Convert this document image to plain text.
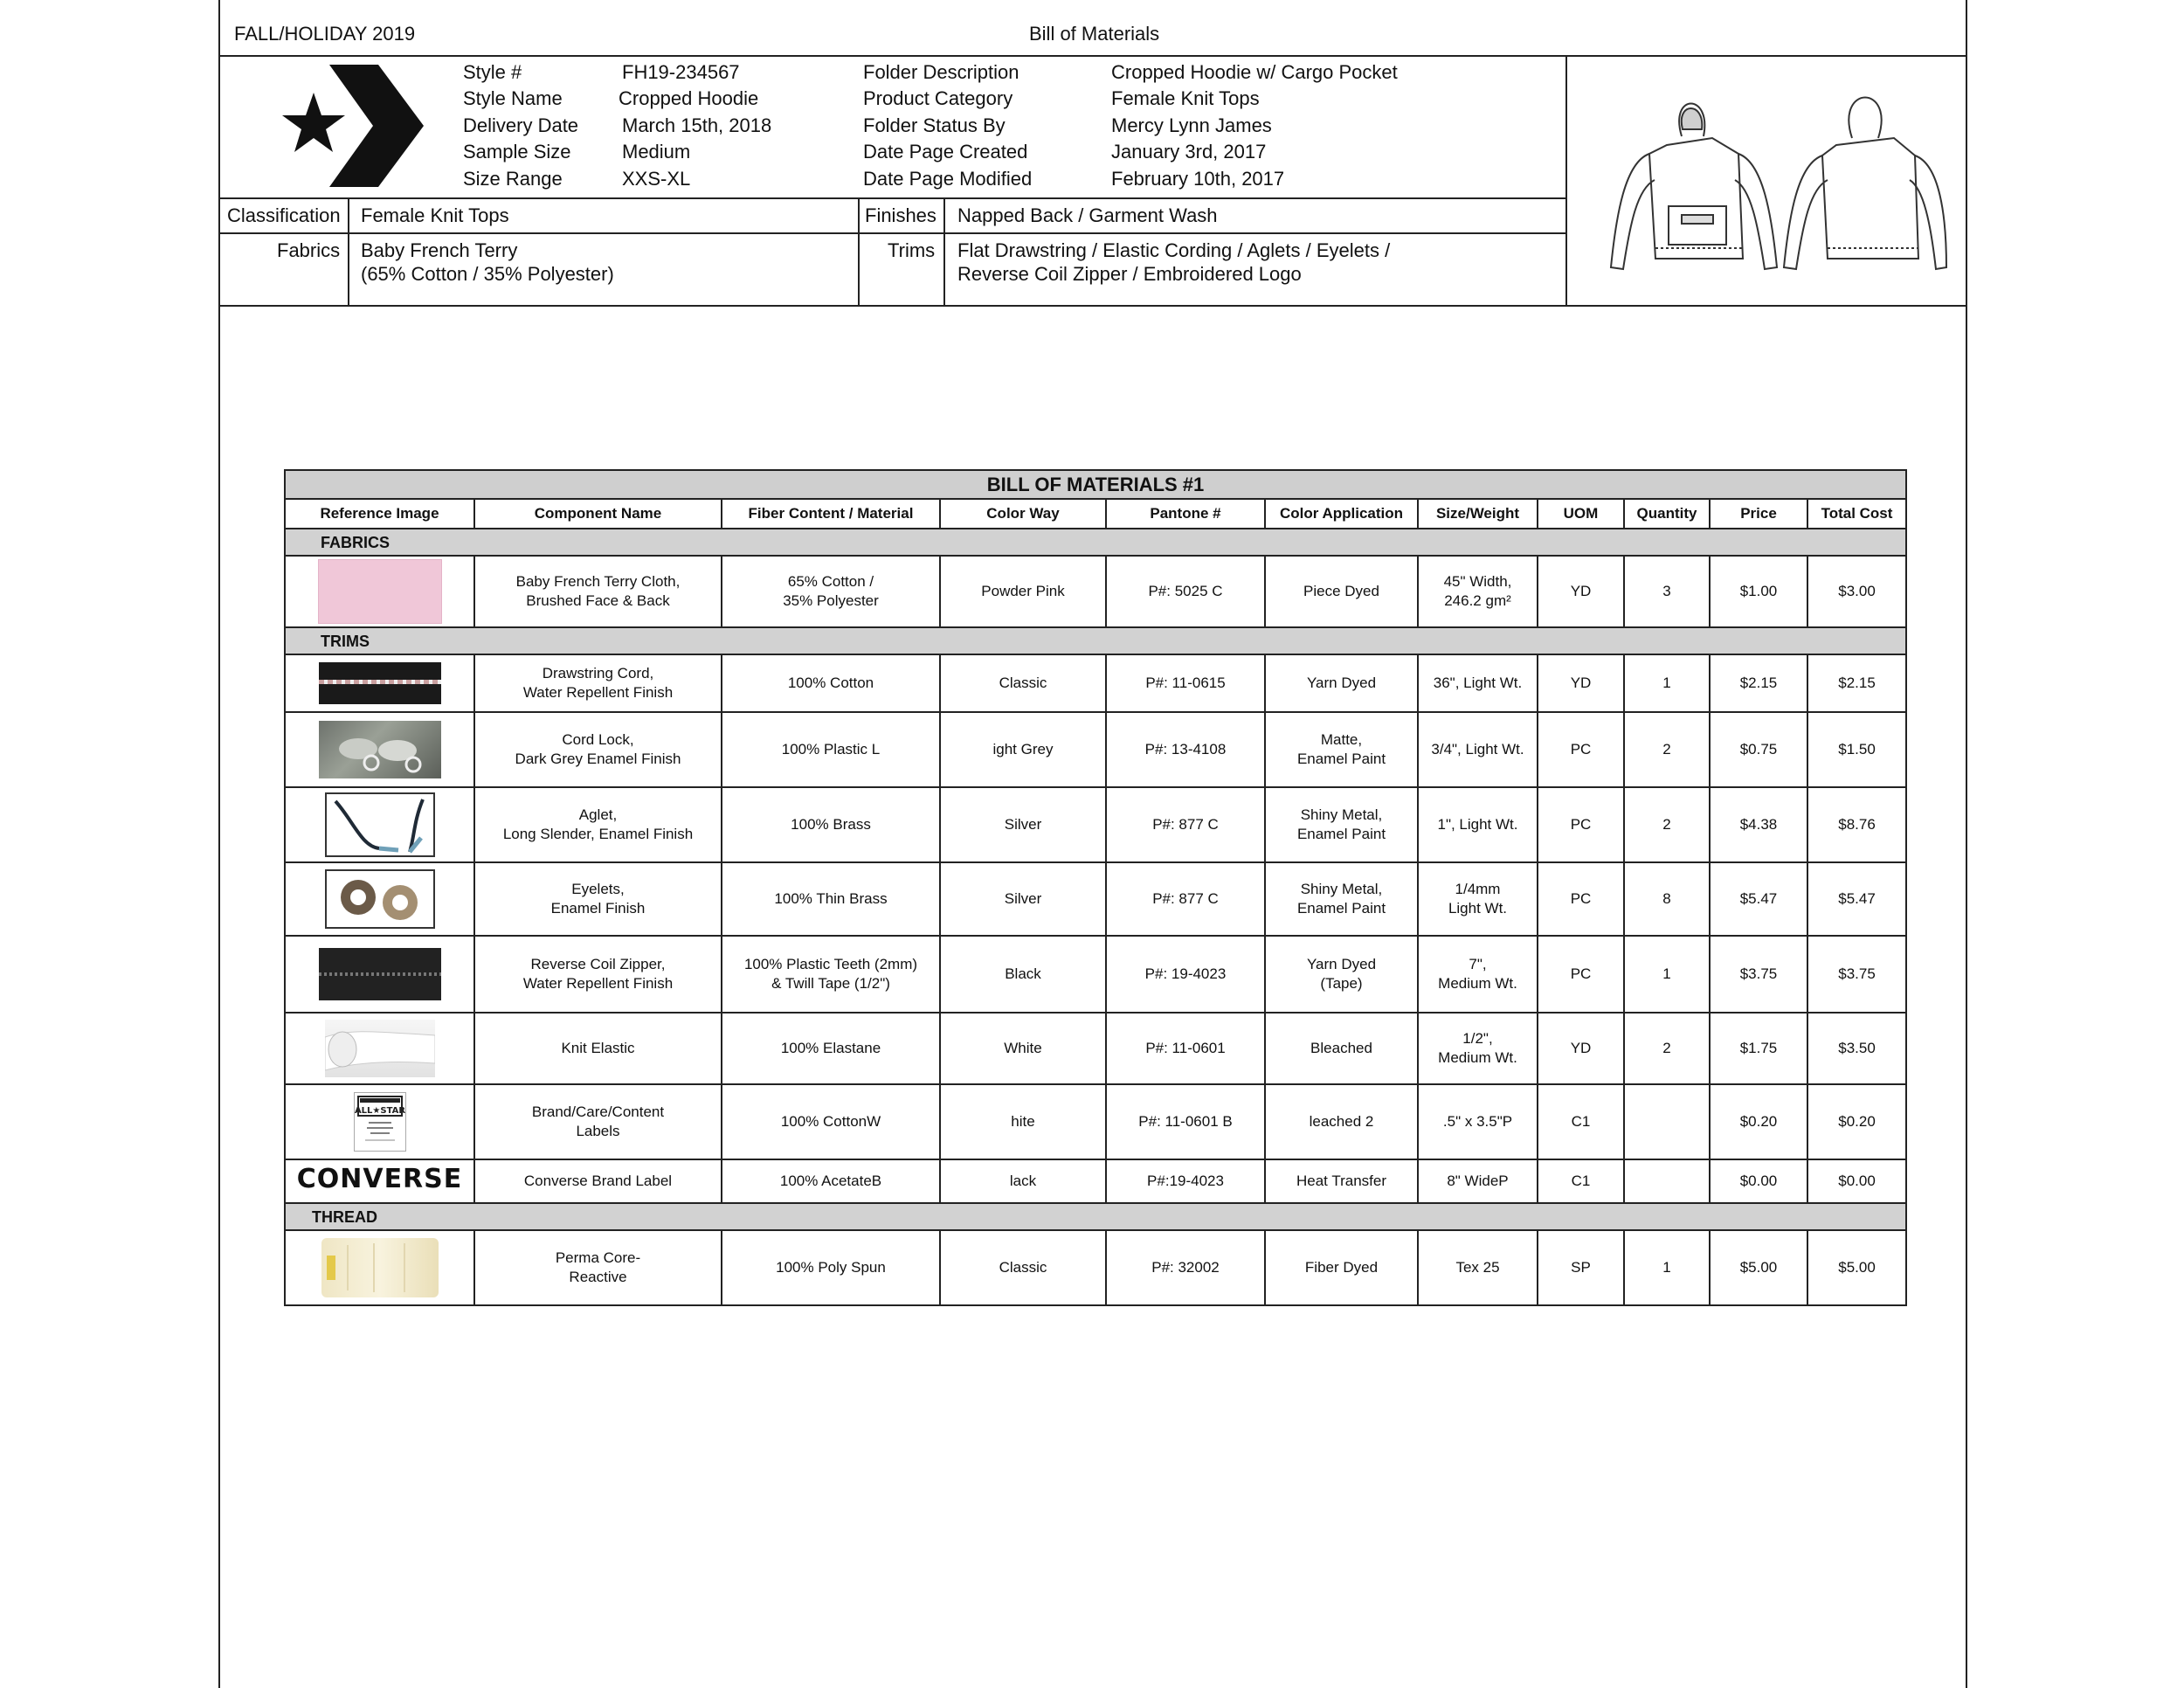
FALL/HOLIDAY 2019	Bill of Materials
Style #	FH19-234567
Style Name	Cropped Hoodie
Delivery Date March 15th, 2018
Sample Size	Medium
Size Range	XXS-XL
Folder Description	Cropped Hoodie w/ Cargo Pocket
Product Category	Female Knit Tops
Folder Status By	Mercy Lynn James
Date Page Created	January 3rd, 2017
Date Page Modified	February 10th, 2017
Classification Female Knit Tops	Finishes Napped Back / Garment Wash
Fabrics Baby French Terry
(65% Cotton / 35% Polyester)
Trims Flat Drawstring / Elastic Cording / Aglets / Eyelets /
Reverse Coil Zipper / Embroidered Logo
BILL OF MATERIALS #1										
Reference Image	Component Name	Fiber Content / Material	Color Way	Pantone #	Color Application	Size/Weight	UOM	Quantity	Price	Total Cost
FABRICS										
	Baby French Terry Cloth,
Brushed Face & Back	65% Cotton /
35% Polyester	Powder Pink	P#: 5025 C	Piece Dyed	45" Width,
246.2 gm²	YD	3	$1.00	$3.00
TRIMS										
	Drawstring Cord,
Water Repellent Finish	100% Cotton	Classic	P#: 11-0615	Yarn Dyed	36", Light Wt.	YD	1	$2.15	$2.15
	Cord Lock,
Dark Grey Enamel Finish	100% Plastic L	ight Grey	P#: 13-4108	Matte,
Enamel Paint	3/4", Light Wt.	PC	2	$0.75	$1.50
	Aglet,
Long Slender, Enamel Finish	100% Brass	Silver	P#: 877 C	Shiny Metal,
Enamel Paint	1", Light Wt.	PC	2	$4.38	$8.76
	Eyelets,
Enamel Finish	100% Thin Brass	Silver	P#: 877 C	Shiny Metal,
Enamel Paint	1/4mm
Light Wt.	PC	8	$5.47	$5.47
	Reverse Coil Zipper,
Water Repellent Finish	100% Plastic Teeth (2mm)
& Twill Tape (1/2")	Black	P#: 19-4023	Yarn Dyed
(Tape)	7",
Medium Wt.	PC	1	$3.75	$3.75
	Knit Elastic	100% Elastane	White	P#: 11-0601	Bleached	1/2",
Medium Wt.	YD	2	$1.75	$3.50

ALL★STAR	Brand/Care/Content
Labels	100% CottonW	hite	P#: 11-0601 B	leached 2	.5" x 3.5"P	C1		$0.20	$0.20
CONVERSE	Converse Brand Label	100% AcetateB	lack	P#:19-4023	Heat Transfer	8" WideP	C1		$0.00	$0.00
THREAD										
	Perma Core-
Reactive	100% Poly Spun	Classic	P#: 32002	Fiber Dyed	Tex 25	SP	1	$5.00	$5.00
